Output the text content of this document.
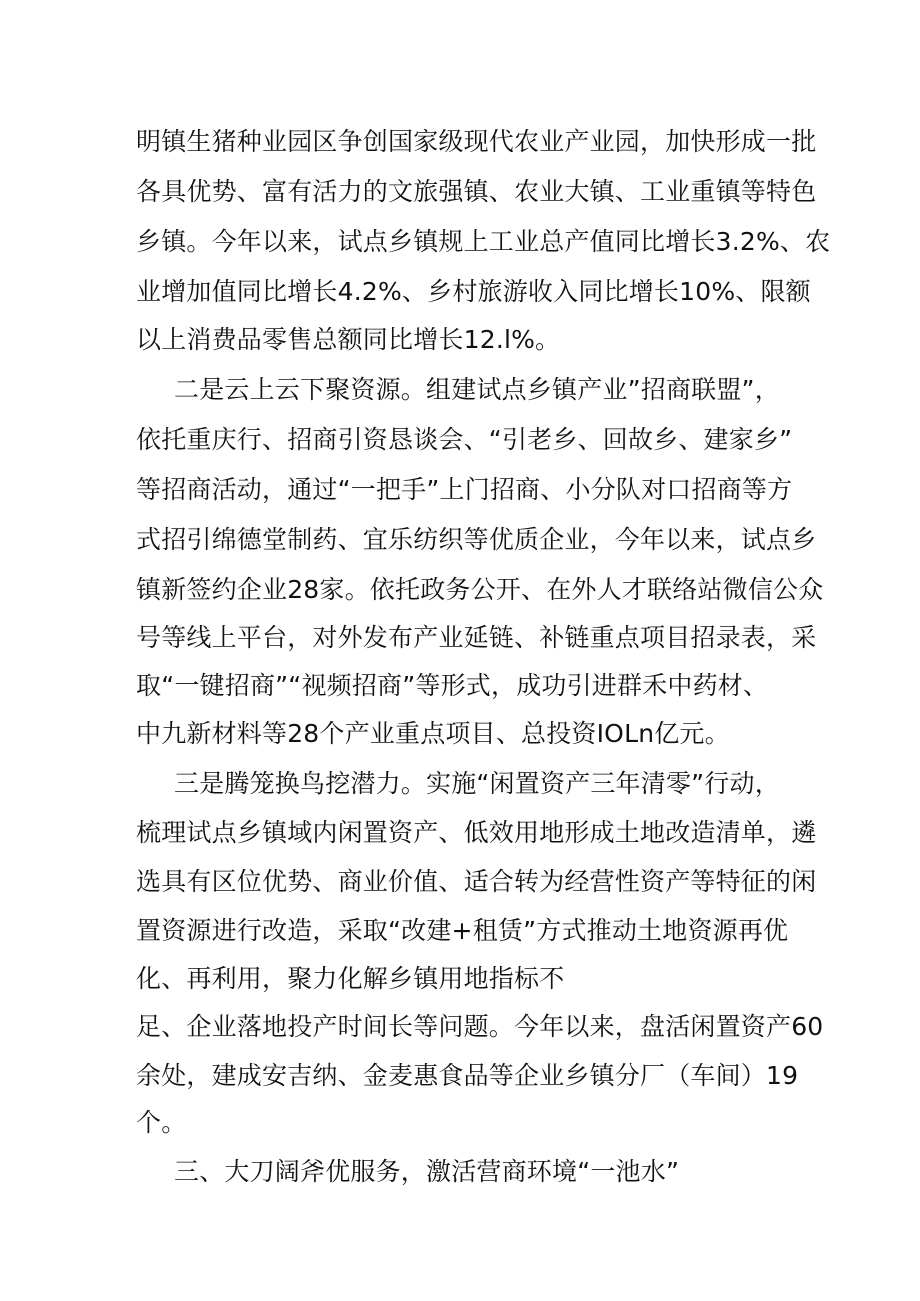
明镇生猪种业园区争创国家级现代农业产业园，加快形成一批
各具优势、富有活力的文旅强镇、农业大镇、工业重镇等特色
乡镇。今年以来，试点乡镇规上工业总产值同比增长3.2%、农
业增加值同比增长4.2%、乡村旅游收入同比增长10%、限额
以上消费品零售总额同比增长12.l%。
二是云上云下聚资源。组建试点乡镇产业”招商联盟”，
依托重庆行、招商引资恳谈会、“引老乡、回故乡、建家乡”
等招商活动，通过“一把手”上门招商、小分队对口招商等方
式招引绵德堂制药、宜乐纺织等优质企业，今年以来，试点乡
镇新签约企业28家。依托政务公开、在外人才联络站微信公众
号等线上平台，对外发布产业延链、补链重点项目招录表，采
取“一键招商”“视频招商”等形式，成功引进群禾中药材、
中九新材料等28个产业重点项目、总投资IOLn亿元。
三是腾笼换鸟挖潜力。实施“闲置资产三年清零”行动，
梳理试点乡镇域内闲置资产、低效用地形成土地改造清单，遴
选具有区位优势、商业价值、适合转为经营性资产等特征的闲
置资源进行改造，采取“改建+租赁”方式推动土地资源再优
化、再利用，聚力化解乡镇用地指标不
足、企业落地投产时间长等问题。今年以来，盘活闲置资产60
余处，建成安吉纳、金麦惠食品等企业乡镇分厂（车间）19
个。
三、大刀阔斧优服务，激活营商环境“一池水”
